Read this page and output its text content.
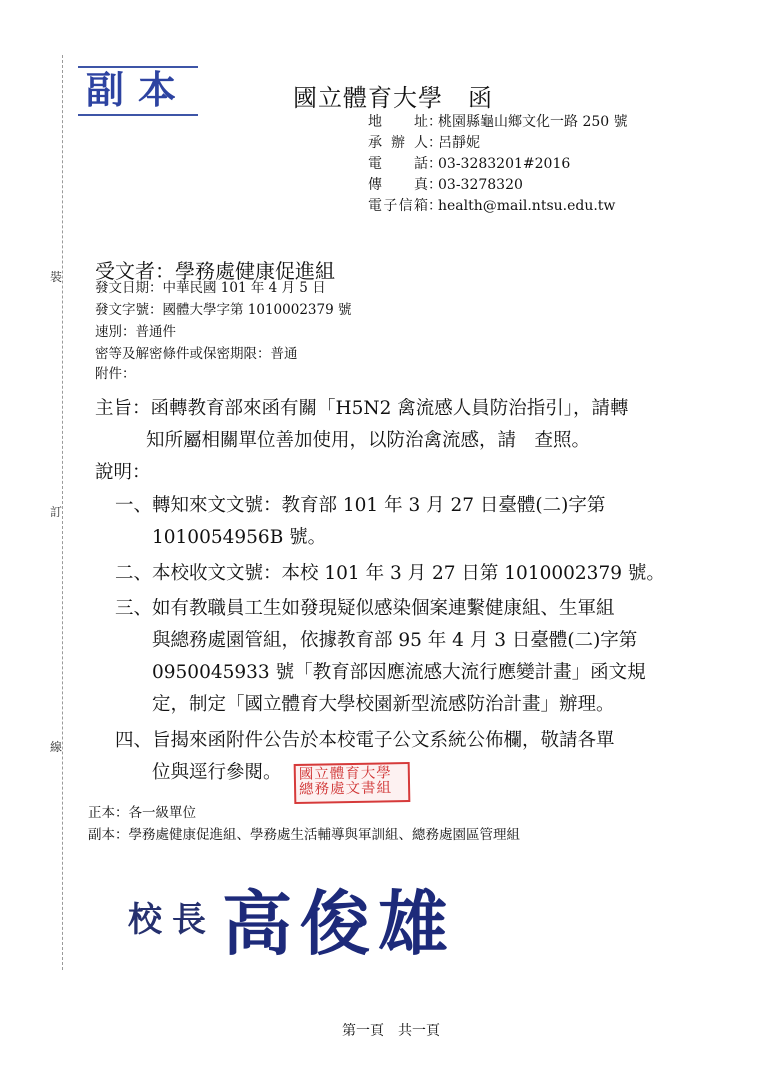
裝
訂
線
副本	國立體育大學　函
地址：桃園縣龜山鄉文化一路 250 號
承辦人：呂靜妮
電話：03-3283201#2016
傳真：03-3278320
電子信箱：health@mail.ntsu.edu.tw
受文者：學務處健康促進組
發文日期：中華民國 101 年 4 月 5 日
發文字號：國體大學字第 1010002379 號
速別：普通件
密等及解密條件或保密期限：普通
附件：
主旨：函轉教育部來函有關「H5N2 禽流感人員防治指引」，請轉
知所屬相關單位善加使用，以防治禽流感，請　查照。
說明：
一、轉知來文文號：教育部 101 年 3 月 27 日臺體(二)字第
1010054956B 號。
二、本校收文文號：本校 101 年 3 月 27 日第 1010002379 號。
三、如有教職員工生如發現疑似感染個案連繫健康組、生軍組
與總務處園管組，依據教育部 95 年 4 月 3 日臺體(二)字第
0950045933 號「教育部因應流感大流行應變計畫」函文規
定，制定「國立體育大學校園新型流感防治計畫」辦理。
四、旨揭來函附件公告於本校電子公文系統公佈欄，敬請各單
位與逕行參閱。 國立體育大學總務處文書組
正本：各一級單位
副本：學務處健康促進組、學務處生活輔導與軍訓組、總務處園區管理組
校長 高俊雄
第一頁　共一頁
